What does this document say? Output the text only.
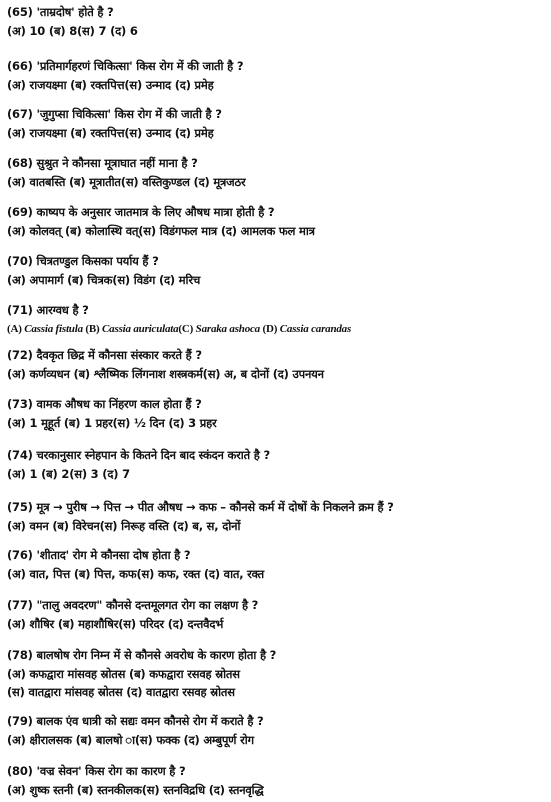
(65) 'ताम्रदोष' होते है ?
(अ) 10 (ब) 8(स) 7 (द) 6
(66) 'प्रतिमार्गहरणं चिकित्सा' किस रोग में की जाती है ?
(अ) राजयक्ष्मा (ब) रक्तपित्त(स) उन्माद (द) प्रमेह
(67) 'जुगुप्सा चिकित्सा' किस रोग में की जाती है ?
(अ) राजयक्ष्मा (ब) रक्तपित्त(स) उन्माद (द) प्रमेह
(68) सुश्रुत ने कौनसा मूत्राघात नहीं माना है ?
(अ) वातबस्ति (ब) मूत्रातीत(स) वस्तिकुण्डल (द) मूत्रजठर
(69) काष्यप के अनुसार जातमात्र के लिए औषध मात्रा होती है ?
(अ) कोलवत् (ब) कोलास्थि वत्(स) विडंगफल मात्र (द) आमलक फल मात्र
(70) चित्रतण्डुल किसका पर्याय हैं ?
(अ) अपामार्ग (ब) चित्रक(स) विडंग (द) मरिच
(71) आरग्वध है ?
(A) Cassia fistula (B) Cassia auriculata(C) Saraka ashoca (D) Cassia carandas
(72) दैवकृत छिद्र में कौनसा संस्कार करते हैं ?
(अ) कर्णव्यधन (ब) श्लैष्मिक लिंगनाश शस्त्रकर्म(स) अ, ब दोनों (द) उपनयन
(73) वामक औषध का निंहरण काल होता हैं ?
(अ) 1 मूहूर्त (ब) 1 प्रहर(स) ½ दिन (द) 3 प्रहर
(74) चरकानुसार स्नेहपान के कितने दिन बाद स्कंदन कराते है ?
(अ) 1 (ब) 2(स) 3 (द) 7
(75) मूत्र → पुरीष → पित्त → पीत औषध → कफ – कौनसे कर्म में दोषों के निकलने क्रम हैं ?
(अ) वमन (ब) विरेचन(स) निरूह वस्ति (द) ब, स, दोनों
(76) 'शीताद' रोग मे कौनसा दोष होता है ?
(अ) वात, पित्त (ब) पित्त, कफ(स) कफ, रक्त (द) वात, रक्त
(77) "तालु अवदरण" कौनसे दन्तमूलगत रोग का लक्षण है ?
(अ) शौषिर (ब) महाशौषिर(स) परिदर (द) दन्तवैदर्भ
(78) बालषोष रोग निम्न में से कौनसे अवरोध के कारण होता है ?
(अ) कफद्वारा मांसवह स्रोतस (ब) कफद्वारा रसवह स्रोतस
(स) वातद्वारा मांसवह स्रोतस (द) वातद्वारा रसवह स्रोतस
(79) बालक एंव धात्री को सद्यः वमन कौनसे रोग में कराते है ?
(अ) क्षीरालसक (ब) बालषो ा(स) फक्क (द) अम्बुपूर्ण रोग
(80) 'वज्र सेवन' किस रोग का कारण है ?
(अ) शुष्क स्तनी (ब) स्तनकीलक(स) स्तनविद्रधि (द) स्तनवृद्धि
